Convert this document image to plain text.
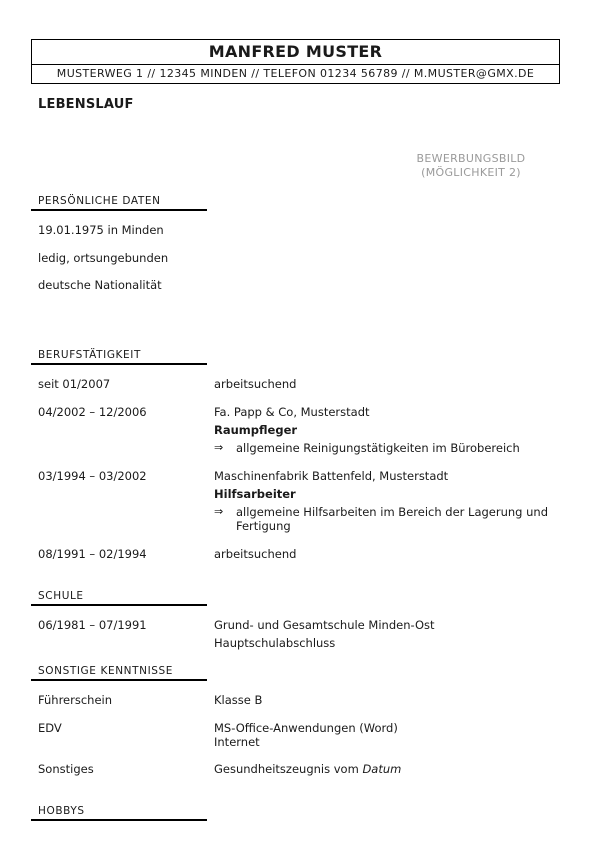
MANFRED MUSTER
MUSTERWEG 1 // 12345 MINDEN // TELEFON 01234 56789 // M.MUSTER@GMX.DE
LEBENSLAUF
BEWERBUNGSBILD
(MÖGLICHKEIT 2)
PERSÖNLICHE DATEN
19.01.1975 in Minden
ledig, ortsungebunden
deutsche Nationalität
BERUFSTÄTIGKEIT
seit 01/2007	arbeitsuchend
04/2002 – 12/2006	Fa. Papp & Co, Musterstadt
Raumpfleger
⇒ allgemeine Reinigungstätigkeiten im Bürobereich
03/1994 – 03/2002	Maschinenfabrik Battenfeld, Musterstadt
Hilfsarbeiter
⇒ allgemeine Hilfsarbeiten im Bereich der Lagerung und Fertigung
08/1991 – 02/1994	arbeitsuchend
SCHULE
06/1981 – 07/1991	Grund- und Gesamtschule Minden-Ost
Hauptschulabschluss
SONSTIGE KENNTNISSE
Führerschein	Klasse B
EDV	MS-Office-Anwendungen (Word)
Internet
Sonstiges	Gesundheitszeugnis vom Datum
HOBBYS
